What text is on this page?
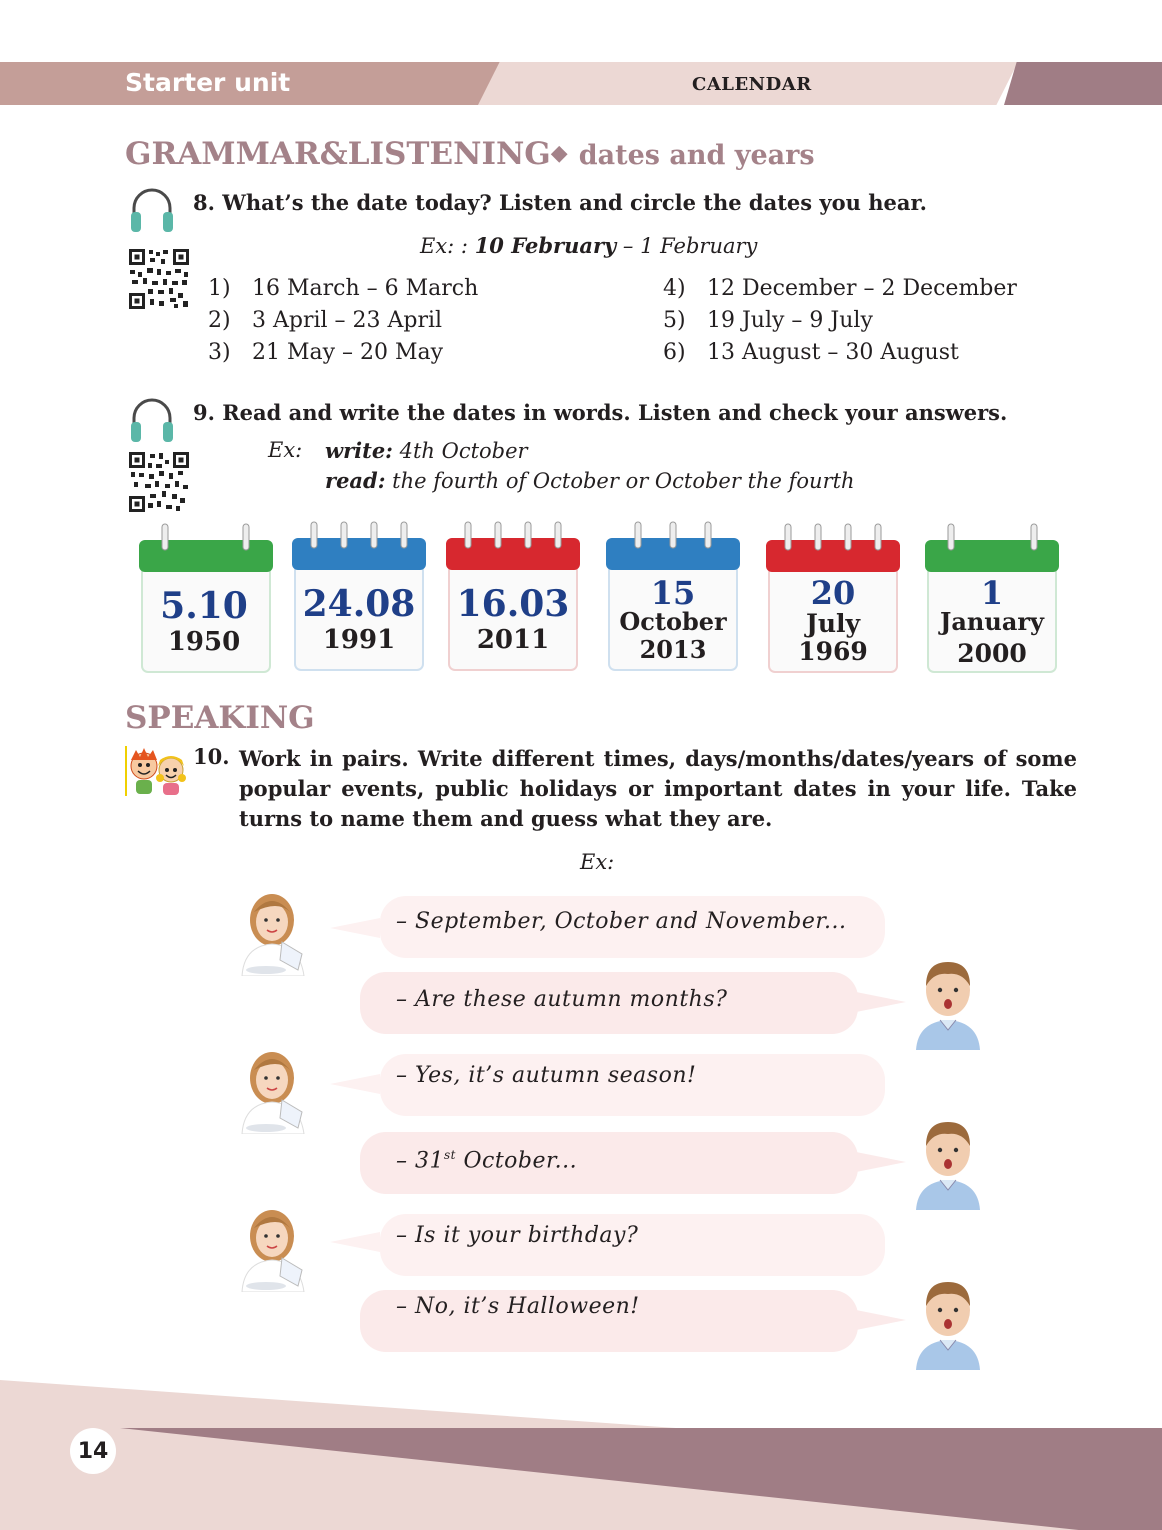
Starter unit	CALENDAR
GRAMMAR&LISTENING◆ dates and years
8. What’s the date today? Listen and circle the dates you hear.
Ex: : 10 February – 1 February
1) 16 March – 6 March
2) 3 April – 23 April
3) 21 May – 20 May
4) 12 December – 2 December
5) 19 July – 9 July
6) 13 August – 30 August
9. Read and write the dates in words. Listen and check your answers.
Ex: write: 4th October
read: the fourth of October or October the fourth
5.10
1950
24.08
1991
16.03
2011
15
October
2013
20
July
1969
1
January
2000
SPEAKING
10. Work in pairs. Write different times, days/months/dates/years of some popular events, public holidays or important dates in your life. Take turns to name them and guess what they are.
Ex:
– September, October and November...
– Are these autumn months?
– Yes, it’s autumn season!
– 31st October...
– Is it your birthday?
– No, it’s Halloween!
14
